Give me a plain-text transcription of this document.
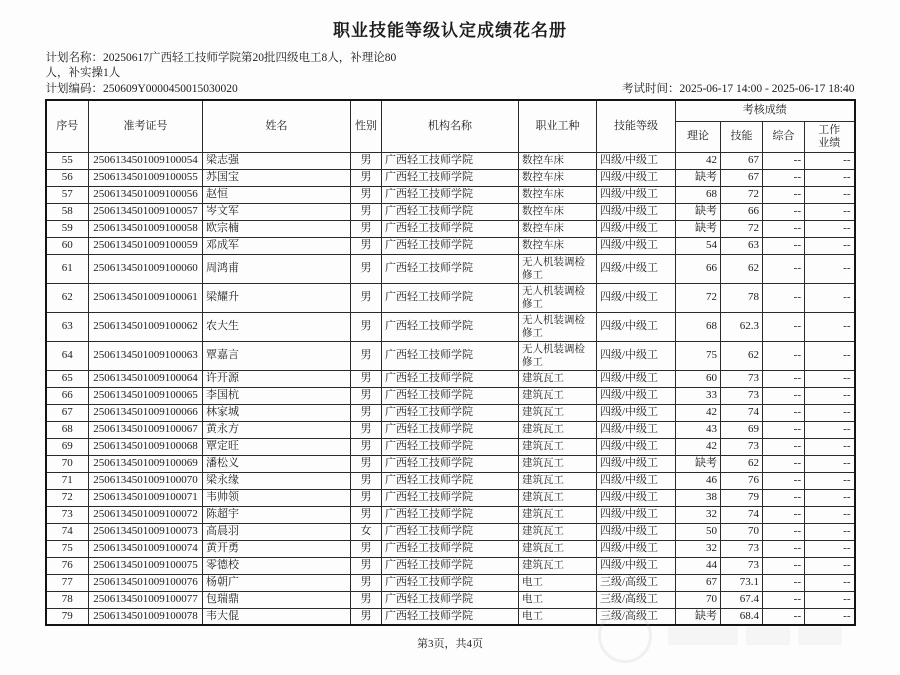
职业技能等级认定成绩花名册
计划名称：20250617广西轻工技师学院第20批四级电工8人，补理论80
人，补实操1人
计划编码：250609Y0000450015030020	考试时间：2025-06-17 14:00 - 2025-06-17 18:40
序号	准考证号	姓名	性别	机构名称	职业工种	技能等级	考核成绩			
							理论	技能	综合	工作业绩

55	2506134501009100054	梁志强	男	广西轻工技师学院	数控车床	四级/中级工	42	67	--	--
56	2506134501009100055	苏国宝	男	广西轻工技师学院	数控车床	四级/中级工	缺考	67	--	--
57	2506134501009100056	赵恒	男	广西轻工技师学院	数控车床	四级/中级工	68	72	--	--
58	2506134501009100057	岑文军	男	广西轻工技师学院	数控车床	四级/中级工	缺考	66	--	--
59	2506134501009100058	欧宗楠	男	广西轻工技师学院	数控车床	四级/中级工	缺考	72	--	--
60	2506134501009100059	邓成军	男	广西轻工技师学院	数控车床	四级/中级工	54	63	--	--
61	2506134501009100060	周鸿甫	男	广西轻工技师学院	无人机装调检修工	四级/中级工	66	62	--	--
62	2506134501009100061	梁耀升	男	广西轻工技师学院	无人机装调检修工	四级/中级工	72	78	--	--
63	2506134501009100062	农大生	男	广西轻工技师学院	无人机装调检修工	四级/中级工	68	62.3	--	--
64	2506134501009100063	覃嘉言	男	广西轻工技师学院	无人机装调检修工	四级/中级工	75	62	--	--
65	2506134501009100064	许开源	男	广西轻工技师学院	建筑瓦工	四级/中级工	60	73	--	--
66	2506134501009100065	李国杭	男	广西轻工技师学院	建筑瓦工	四级/中级工	33	73	--	--
67	2506134501009100066	林家城	男	广西轻工技师学院	建筑瓦工	四级/中级工	42	74	--	--
68	2506134501009100067	黄永方	男	广西轻工技师学院	建筑瓦工	四级/中级工	43	69	--	--
69	2506134501009100068	覃定旺	男	广西轻工技师学院	建筑瓦工	四级/中级工	42	73	--	--
70	2506134501009100069	潘松义	男	广西轻工技师学院	建筑瓦工	四级/中级工	缺考	62	--	--
71	2506134501009100070	梁永缘	男	广西轻工技师学院	建筑瓦工	四级/中级工	46	76	--	--
72	2506134501009100071	韦帅领	男	广西轻工技师学院	建筑瓦工	四级/中级工	38	79	--	--
73	2506134501009100072	陈超宇	男	广西轻工技师学院	建筑瓦工	四级/中级工	32	74	--	--
74	2506134501009100073	高晨羽	女	广西轻工技师学院	建筑瓦工	四级/中级工	50	70	--	--
75	2506134501009100074	黄开勇	男	广西轻工技师学院	建筑瓦工	四级/中级工	32	73	--	--
76	2506134501009100075	零德校	男	广西轻工技师学院	建筑瓦工	四级/中级工	44	73	--	--
77	2506134501009100076	杨朝广	男	广西轻工技师学院	电工	三级/高级工	67	73.1	--	--
78	2506134501009100077	包瑞鼎	男	广西轻工技师学院	电工	三级/高级工	70	67.4	--	--
79	2506134501009100078	韦大倱	男	广西轻工技师学院	电工	三级/高级工	缺考	68.4	--	--
第3页，共4页
